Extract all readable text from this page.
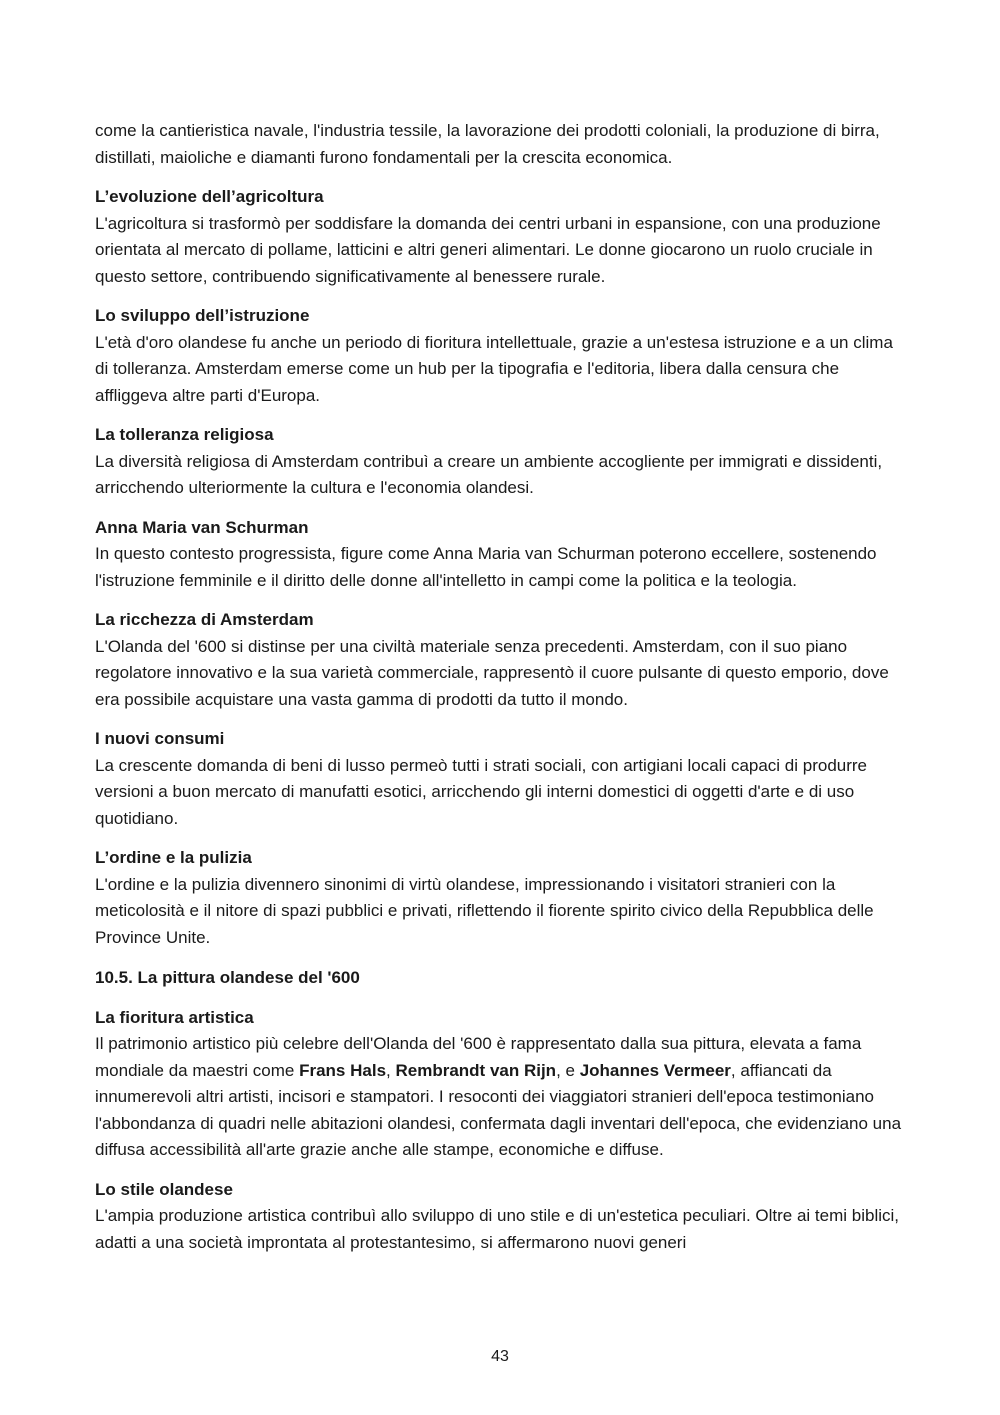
come la cantieristica navale, l'industria tessile, la lavorazione dei prodotti coloniali, la produzione di birra, distillati, maioliche e diamanti furono fondamentali per la crescita economica.

L’evoluzione dell’agricoltura

L'agricoltura si trasformò per soddisfare la domanda dei centri urbani in espansione, con una produzione orientata al mercato di pollame, latticini e altri generi alimentari. Le donne giocarono un ruolo cruciale in questo settore, contribuendo significativamente al benessere rurale.

Lo sviluppo dell’istruzione

L'età d'oro olandese fu anche un periodo di fioritura intellettuale, grazie a un'estesa istruzione e a un clima di tolleranza. Amsterdam emerse come un hub per la tipografia e l'editoria, libera dalla censura che affliggeva altre parti d'Europa.

La tolleranza religiosa

La diversità religiosa di Amsterdam contribuì a creare un ambiente accogliente per immigrati e dissidenti, arricchendo ulteriormente la cultura e l'economia olandesi.

Anna Maria van Schurman

In questo contesto progressista, figure come Anna Maria van Schurman poterono eccellere, sostenendo l'istruzione femminile e il diritto delle donne all'intelletto in campi come la politica e la teologia.

La ricchezza di Amsterdam

L'Olanda del '600 si distinse per una civiltà materiale senza precedenti. Amsterdam, con il suo piano regolatore innovativo e la sua varietà commerciale, rappresentò il cuore pulsante di questo emporio, dove era possibile acquistare una vasta gamma di prodotti da tutto il mondo.

I nuovi consumi

La crescente domanda di beni di lusso permeò tutti i strati sociali, con artigiani locali capaci di produrre versioni a buon mercato di manufatti esotici, arricchendo gli interni domestici di oggetti d'arte e di uso quotidiano.

L’ordine e la pulizia

L'ordine e la pulizia divennero sinonimi di virtù olandese, impressionando i visitatori stranieri con la meticolosità e il nitore di spazi pubblici e privati, riflettendo il fiorente spirito civico della Repubblica delle Province Unite.

10.5. La pittura olandese del '600

La fioritura artistica

Il patrimonio artistico più celebre dell'Olanda del '600 è rappresentato dalla sua pittura, elevata a fama mondiale da maestri come Frans Hals, Rembrandt van Rijn, e Johannes Vermeer, affiancati da innumerevoli altri artisti, incisori e stampatori. I resoconti dei viaggiatori stranieri dell'epoca testimoniano l'abbondanza di quadri nelle abitazioni olandesi, confermata dagli inventari dell'epoca, che evidenziano una diffusa accessibilità all'arte grazie anche alle stampe, economiche e diffuse.

Lo stile olandese

L'ampia produzione artistica contribuì allo sviluppo di uno stile e di un'estetica peculiari. Oltre ai temi biblici, adatti a una società improntata al protestantesimo, si affermarono nuovi generi

43
